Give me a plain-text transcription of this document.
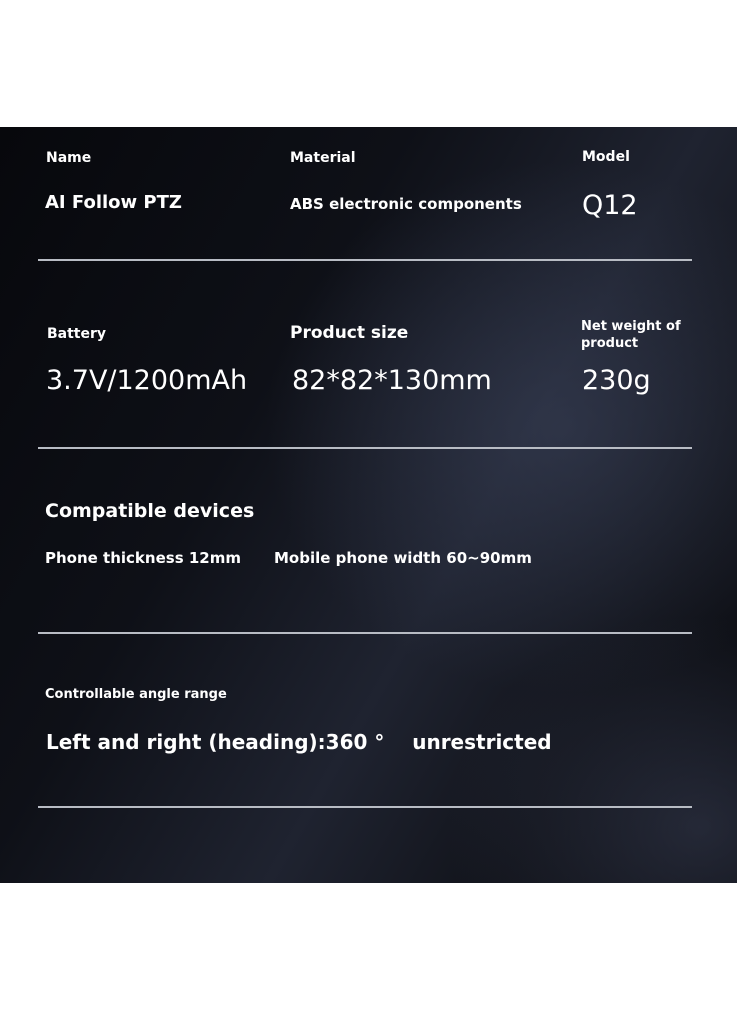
Name
AI Follow PTZ
Material
ABS electronic components
Model
Q12
Battery
3.7V/1200mAh
Product size
82*82*130mm
Net weight of
product
230g
Compatible devices
Phone thickness 12mm Mobile phone width 60~90mm
Controllable angle range
Left and right (heading):360 °    unrestricted
